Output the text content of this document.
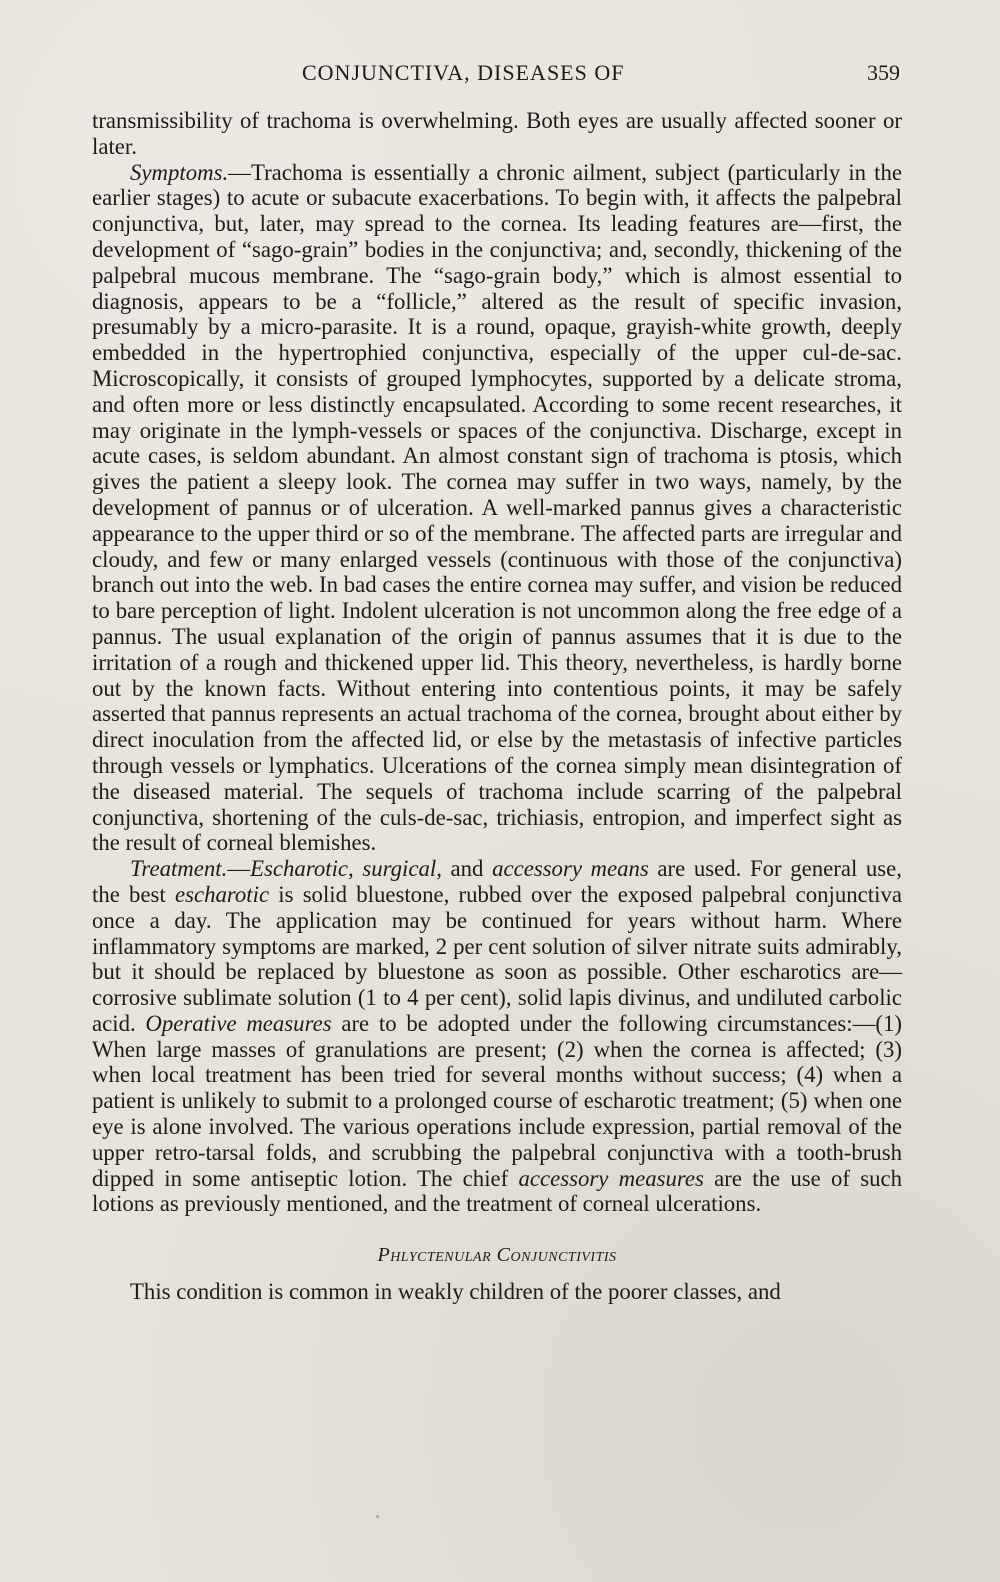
CONJUNCTIVA, DISEASES OF	359

transmissibility of trachoma is overwhelming. Both eyes are usually affected sooner or later.

Symptoms.—Trachoma is essentially a chronic ailment, subject (particularly in the earlier stages) to acute or subacute exacerbations. To begin with, it affects the palpebral conjunctiva, but, later, may spread to the cornea. Its leading features are—first, the development of “sago-grain” bodies in the conjunctiva; and, secondly, thickening of the palpebral mucous membrane. The “sago-grain body,” which is almost essential to diagnosis, appears to be a “follicle,” altered as the result of specific invasion, presumably by a micro-parasite. It is a round, opaque, grayish-white growth, deeply embedded in the hypertrophied conjunctiva, especially of the upper cul-de-sac. Microscopically, it consists of grouped lymphocytes, supported by a delicate stroma, and often more or less distinctly encapsulated. According to some recent researches, it may originate in the lymph-vessels or spaces of the conjunctiva. Discharge, except in acute cases, is seldom abundant. An almost constant sign of trachoma is ptosis, which gives the patient a sleepy look. The cornea may suffer in two ways, namely, by the development of pannus or of ulceration. A well-marked pannus gives a characteristic appearance to the upper third or so of the membrane. The affected parts are irregular and cloudy, and few or many enlarged vessels (continuous with those of the conjunctiva) branch out into the web. In bad cases the entire cornea may suffer, and vision be reduced to bare perception of light. Indolent ulceration is not uncommon along the free edge of a pannus. The usual explanation of the origin of pannus assumes that it is due to the irritation of a rough and thickened upper lid. This theory, nevertheless, is hardly borne out by the known facts. Without entering into contentious points, it may be safely asserted that pannus represents an actual trachoma of the cornea, brought about either by direct inoculation from the affected lid, or else by the metastasis of infective particles through vessels or lymphatics. Ulcerations of the cornea simply mean disintegration of the diseased material. The sequels of trachoma include scarring of the palpebral conjunctiva, shortening of the culs-de-sac, trichiasis, entropion, and imperfect sight as the result of corneal blemishes.

Treatment.—Escharotic, surgical, and accessory means are used. For general use, the best escharotic is solid bluestone, rubbed over the exposed palpebral conjunctiva once a day. The application may be continued for years without harm. Where inflammatory symptoms are marked, 2 per cent solution of silver nitrate suits admirably, but it should be replaced by bluestone as soon as possible. Other escharotics are—corrosive sublimate solution (1 to 4 per cent), solid lapis divinus, and undiluted carbolic acid. Operative measures are to be adopted under the following circumstances:—(1) When large masses of granulations are present; (2) when the cornea is affected; (3) when local treatment has been tried for several months without success; (4) when a patient is unlikely to submit to a prolonged course of escharotic treatment; (5) when one eye is alone involved. The various operations include expression, partial removal of the upper retro-tarsal folds, and scrubbing the palpebral conjunctiva with a tooth-brush dipped in some antiseptic lotion. The chief accessory measures are the use of such lotions as previously mentioned, and the treatment of corneal ulcerations.

Phlyctenular Conjunctivitis

This condition is common in weakly children of the poorer classes, and
